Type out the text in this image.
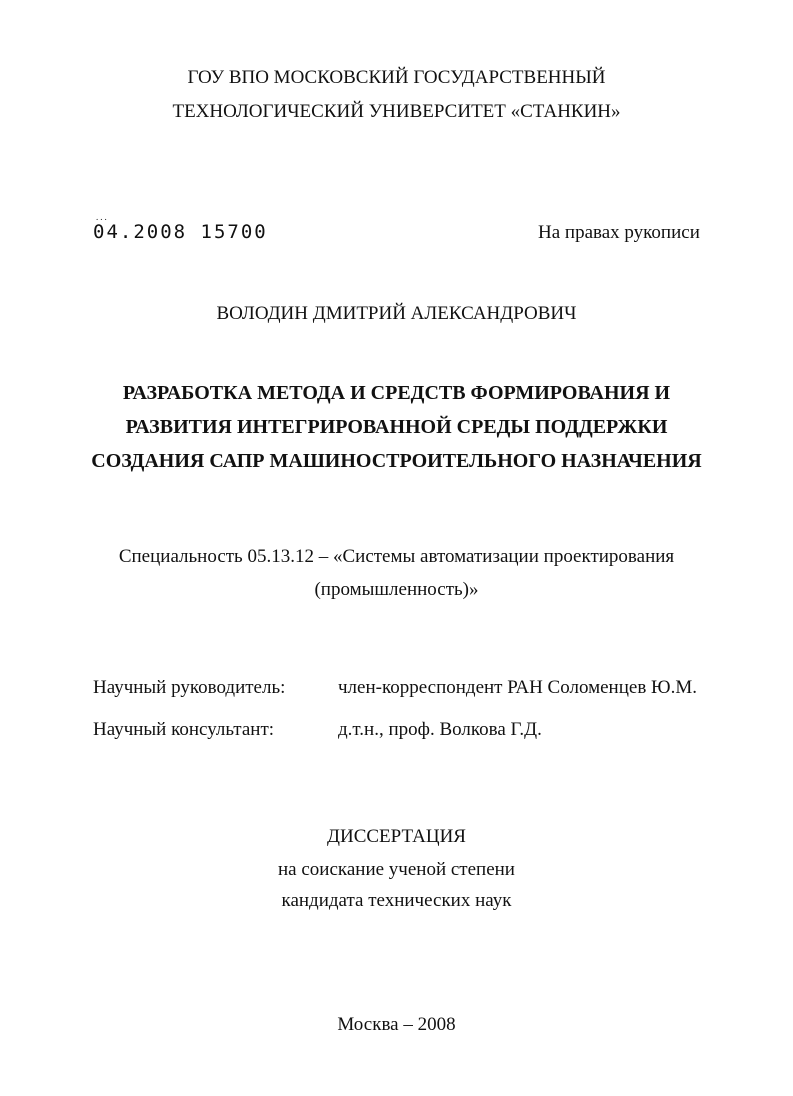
ГОУ ВПО МОСКОВСКИЙ ГОСУДАРСТВЕННЫЙ
ТЕХНОЛОГИЧЕСКИЙ УНИВЕРСИТЕТ «СТАНКИН»
...
04.2008 15700	На правах рукописи
ВОЛОДИН ДМИТРИЙ АЛЕКСАНДРОВИЧ
РАЗРАБОТКА МЕТОДА И СРЕДСТВ ФОРМИРОВАНИЯ И
РАЗВИТИЯ ИНТЕГРИРОВАННОЙ СРЕДЫ ПОДДЕРЖКИ
СОЗДАНИЯ САПР МАШИНОСТРОИТЕЛЬНОГО НАЗНАЧЕНИЯ
Специальность 05.13.12 – «Системы автоматизации проектирования
(промышленность)»
Научный руководитель:	член-корреспондент РАН Соломенцев Ю.М.
Научный консультант:	д.т.н., проф. Волкова Г.Д.
ДИССЕРТАЦИЯ
на соискание ученой степени
кандидата технических наук
Москва – 2008
